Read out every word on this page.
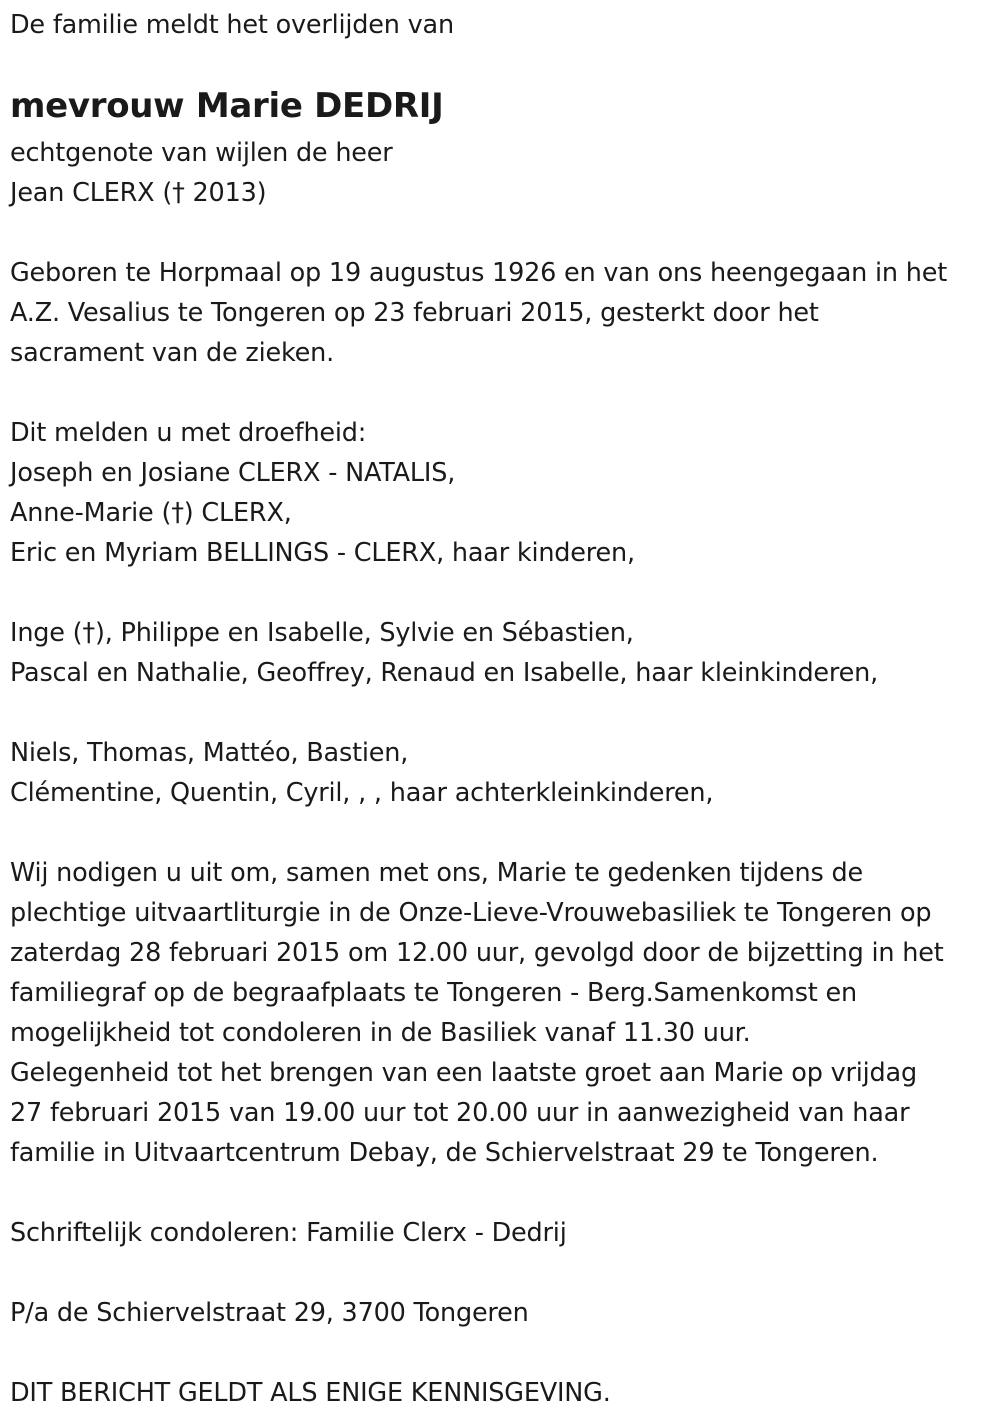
De familie meldt het overlijden van
mevrouw Marie DEDRIJ
echtgenote van wijlen de heer
Jean CLERX († 2013)
Geboren te Horpmaal op 19 augustus 1926 en van ons heengegaan in het
A.Z. Vesalius te Tongeren op 23 februari 2015, gesterkt door het
sacrament van de zieken.
Dit melden u met droefheid:
Joseph en Josiane CLERX - NATALIS,
Anne-Marie (†) CLERX,
Eric en Myriam BELLINGS - CLERX, haar kinderen,
Inge (†), Philippe en Isabelle, Sylvie en Sébastien,
Pascal en Nathalie, Geoffrey, Renaud en Isabelle, haar kleinkinderen,
Niels, Thomas, Mattéo, Bastien,
Clémentine, Quentin, Cyril, , , haar achterkleinkinderen,
Wij nodigen u uit om, samen met ons, Marie te gedenken tijdens de
plechtige uitvaartliturgie in de Onze-Lieve-Vrouwebasiliek te Tongeren op
zaterdag 28 februari 2015 om 12.00 uur, gevolgd door de bijzetting in het
familiegraf op de begraafplaats te Tongeren - Berg.Samenkomst en
mogelijkheid tot condoleren in de Basiliek vanaf 11.30 uur.
Gelegenheid tot het brengen van een laatste groet aan Marie op vrijdag
27 februari 2015 van 19.00 uur tot 20.00 uur in aanwezigheid van haar
familie in Uitvaartcentrum Debay, de Schiervelstraat 29 te Tongeren.
Schriftelijk condoleren: Familie Clerx - Dedrij
P/a de Schiervelstraat 29, 3700 Tongeren
DIT BERICHT GELDT ALS ENIGE KENNISGEVING.
